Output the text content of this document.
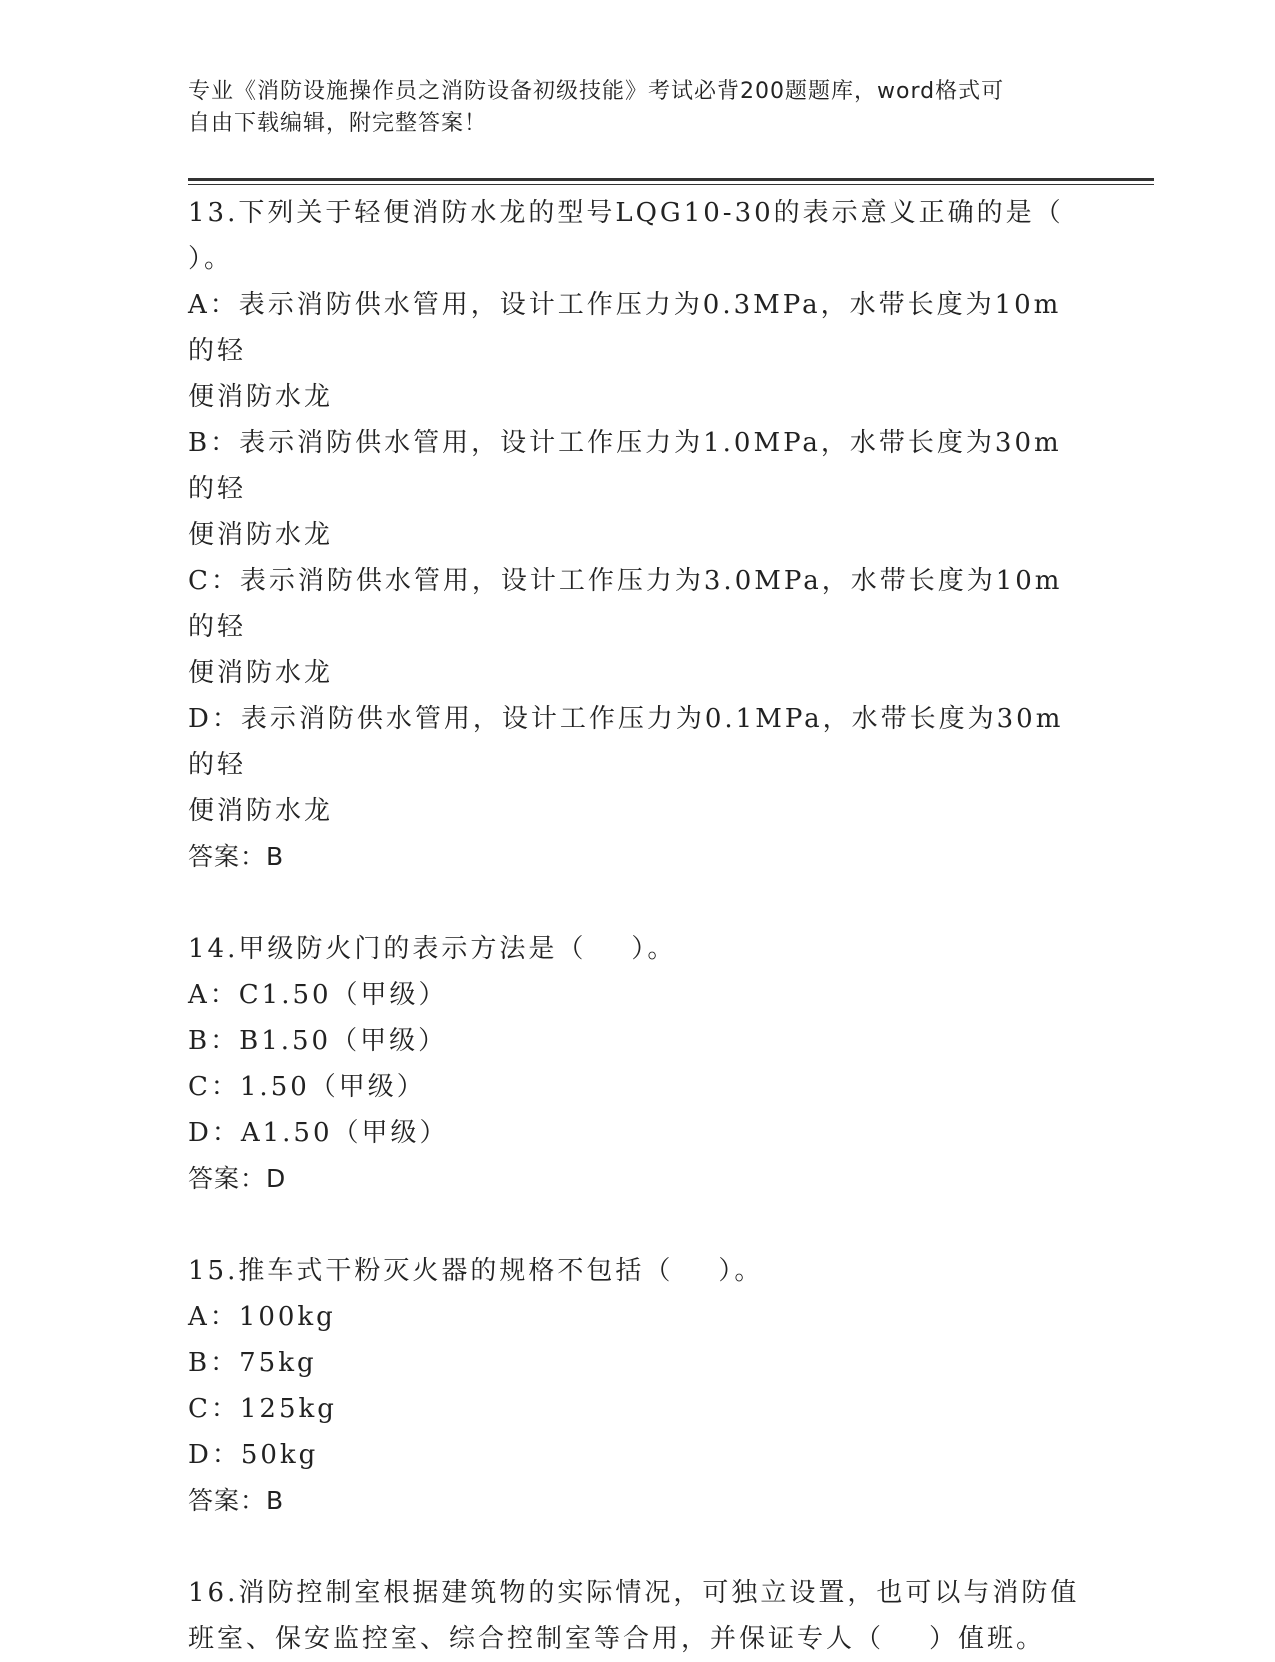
专业《消防设施操作员之消防设备初级技能》考试必背200题题库，word格式可
自由下载编辑，附完整答案！

13.下列关于轻便消防水龙的型号LQG10-30的表示意义正确的是（

）。

A：表示消防供水管用，设计工作压力为0.3MPa，水带长度为10m的轻

便消防水龙

B：表示消防供水管用，设计工作压力为1.0MPa，水带长度为30m的轻

便消防水龙

C：表示消防供水管用，设计工作压力为3.0MPa，水带长度为10m的轻

便消防水龙

D：表示消防供水管用，设计工作压力为0.1MPa，水带长度为30m的轻

便消防水龙

答案：B

14.甲级防火门的表示方法是（    ）。

A：C1.50（甲级）

B：B1.50（甲级）

C：1.50（甲级）

D：A1.50（甲级）

答案：D

15.推车式干粉灭火器的规格不包括（    ）。

A：100kg

B：75kg

C：125kg

D：50kg

答案：B

16.消防控制室根据建筑物的实际情况，可独立设置，也可以与消防值

班室、保安监控室、综合控制室等合用，并保证专人（    ）值班。
